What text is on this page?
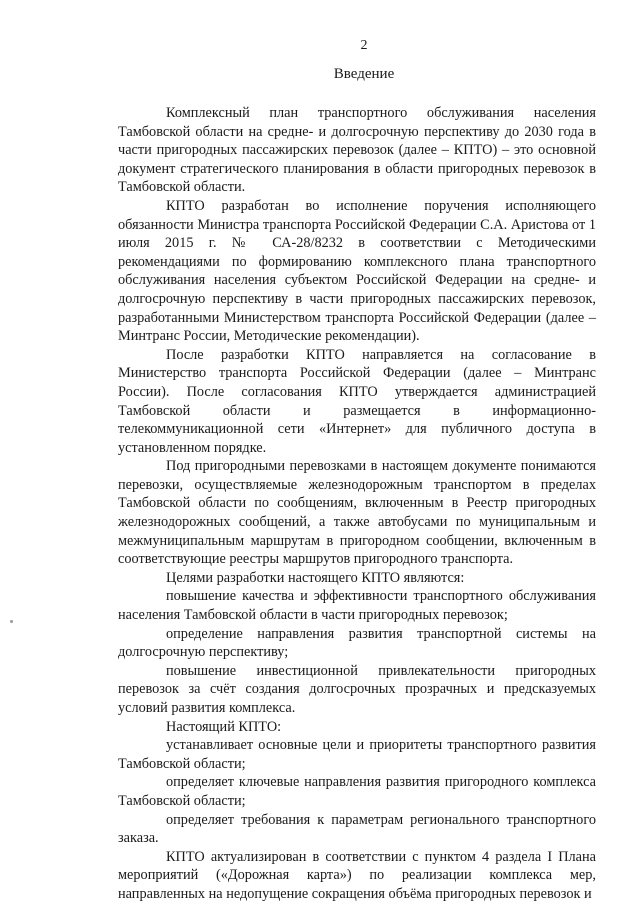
2
Введение

Комплексный план транспортного обслуживания населения Тамбовской области на средне- и долгосрочную перспективу до 2030 года в части пригородных пассажирских перевозок (далее – КПТО) – это основной документ стратегического планирования в области пригородных перевозок в Тамбовской области.

КПТО разработан во исполнение поручения исполняющего обязанности Министра транспорта Российской Федерации С.А. Аристова от 1 июля 2015 г. № СА-28/8232 в соответствии с Методическими рекомендациями по формированию комплексного плана транспортного обслуживания населения субъектом Российской Федерации на средне- и долгосрочную перспективу в части пригородных пассажирских перевозок, разработанными Министерством транспорта Российской Федерации (далее – Минтранс России, Методические рекомендации).

После разработки КПТО направляется на согласование в Министерство транспорта Российской Федерации (далее – Минтранс России). После согласования КПТО утверждается администрацией Тамбовской области и размещается в информационно-телекоммуникационной сети «Интернет» для публичного доступа в установленном порядке.

Под пригородными перевозками в настоящем документе понимаются перевозки, осуществляемые железнодорожным транспортом в пределах Тамбовской области по сообщениям, включенным в Реестр пригородных железнодорожных сообщений, а также автобусами по муниципальным и межмуниципальным маршрутам в пригородном сообщении, включенным в соответствующие реестры маршрутов пригородного транспорта.

Целями разработки настоящего КПТО являются:

повышение качества и эффективности транспортного обслуживания населения Тамбовской области в части пригородных перевозок;

определение направления развития транспортной системы на долгосрочную перспективу;

повышение инвестиционной привлекательности пригородных перевозок за счёт создания долгосрочных прозрачных и предсказуемых условий развития комплекса.

Настоящий КПТО:

устанавливает основные цели и приоритеты транспортного развития Тамбовской области;

определяет ключевые направления развития пригородного комплекса Тамбовской области;

определяет требования к параметрам регионального транспортного заказа.

КПТО актуализирован в соответствии с пунктом 4 раздела I Плана мероприятий («Дорожная карта») по реализации комплекса мер, направленных на недопущение сокращения объёма пригородных перевозок и
